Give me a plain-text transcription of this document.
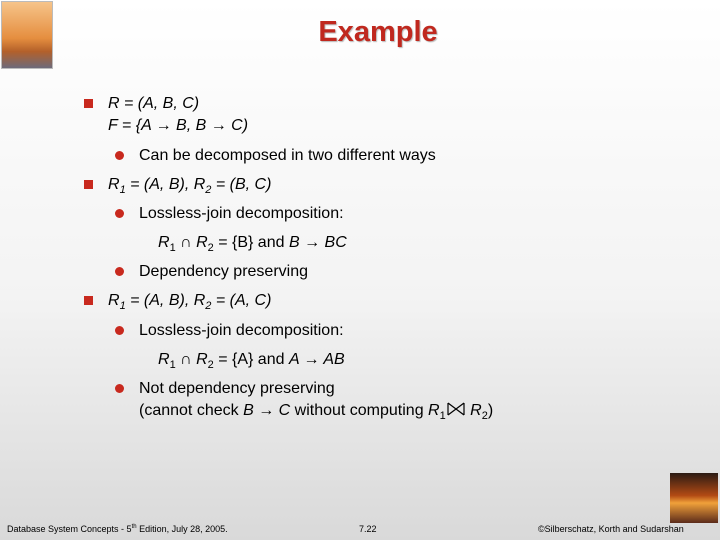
Example
R = (A, B, C)
F = {A → B, B → C)
Can be decomposed in two different ways
$R_1 = (A$, B), $R_2 = (B$, C)
Lossless-join decomposition:
$R_1$ ∩ $R_2 = \{B\}$ and B → BC
Dependency preserving
$R_1 = (A$, B), $R_2 = (A$, C)
Lossless-join decomposition:
$R_1$ ∩ $R_2 = \{A\}$ and A → AB
Not dependency preserving
(cannot check B → C without computing $R_1$ $R_2$)
Database System Concepts - 5th Edition, July 28, 2005.	7.22	©Silberschatz, Korth and Sudarshan
